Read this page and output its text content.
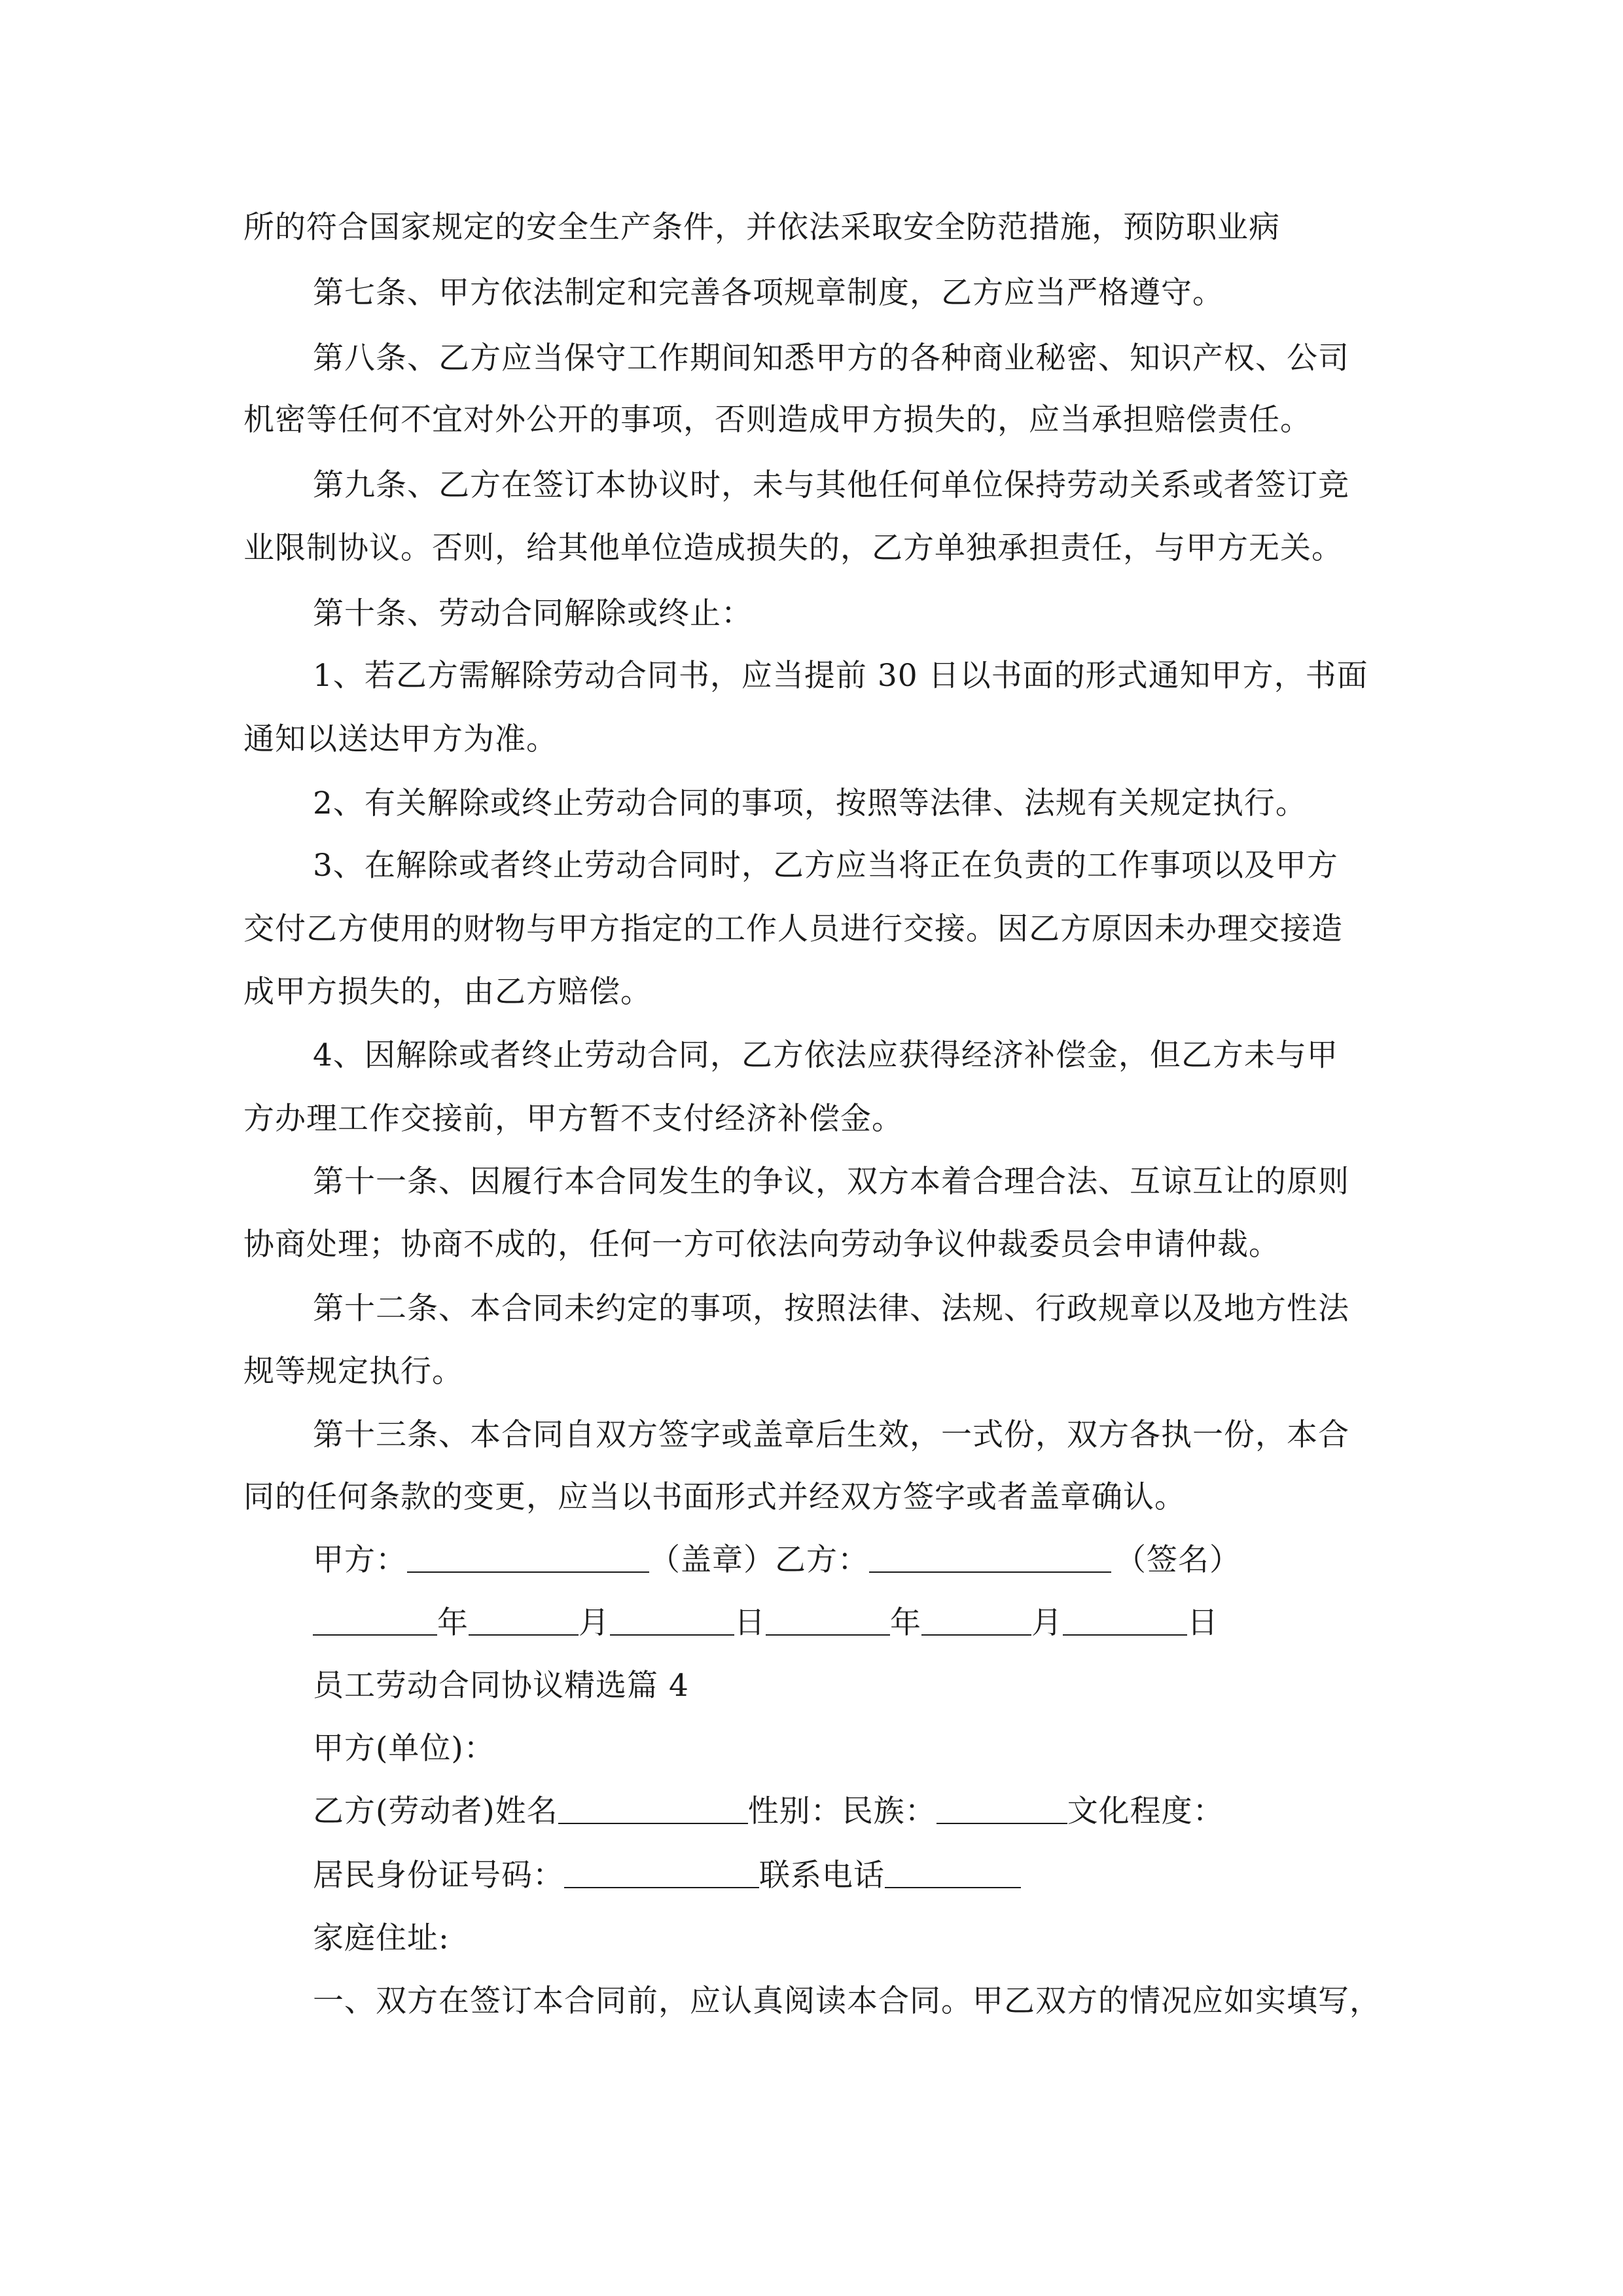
所的符合国家规定的安全生产条件，并依法采取安全防范措施，预防职业病
第七条、甲方依法制定和完善各项规章制度，乙方应当严格遵守。
第八条、乙方应当保守工作期间知悉甲方的各种商业秘密、知识产权、公司
机密等任何不宜对外公开的事项，否则造成甲方损失的，应当承担赔偿责任。
第九条、乙方在签订本协议时，未与其他任何单位保持劳动关系或者签订竞
业限制协议。否则，给其他单位造成损失的，乙方单独承担责任，与甲方无关。
第十条、劳动合同解除或终止：
1、若乙方需解除劳动合同书，应当提前 30 日以书面的形式通知甲方，书面
通知以送达甲方为准。
2、有关解除或终止劳动合同的事项，按照等法律、法规有关规定执行。
3、在解除或者终止劳动合同时，乙方应当将正在负责的工作事项以及甲方
交付乙方使用的财物与甲方指定的工作人员进行交接。因乙方原因未办理交接造
成甲方损失的，由乙方赔偿。
4、因解除或者终止劳动合同，乙方依法应获得经济补偿金，但乙方未与甲
方办理工作交接前，甲方暂不支付经济补偿金。
第十一条、因履行本合同发生的争议，双方本着合理合法、互谅互让的原则
协商处理；协商不成的，任何一方可依法向劳动争议仲裁委员会申请仲裁。
第十二条、本合同未约定的事项，按照法律、法规、行政规章以及地方性法
规等规定执行。
第十三条、本合同自双方签字或盖章后生效，一式份，双方各执一份，本合
同的任何条款的变更，应当以书面形式并经双方签字或者盖章确认。
甲方：	（盖章）乙方：	（签名）
年	月	日	年	月	日
员工劳动合同协议精选篇 4
甲方(单位)：
乙方(劳动者)姓名	性别：民族：	文化程度：
居民身份证号码：	联系电话
家庭住址:
一、双方在签订本合同前，应认真阅读本合同。甲乙双方的情况应如实填写，
